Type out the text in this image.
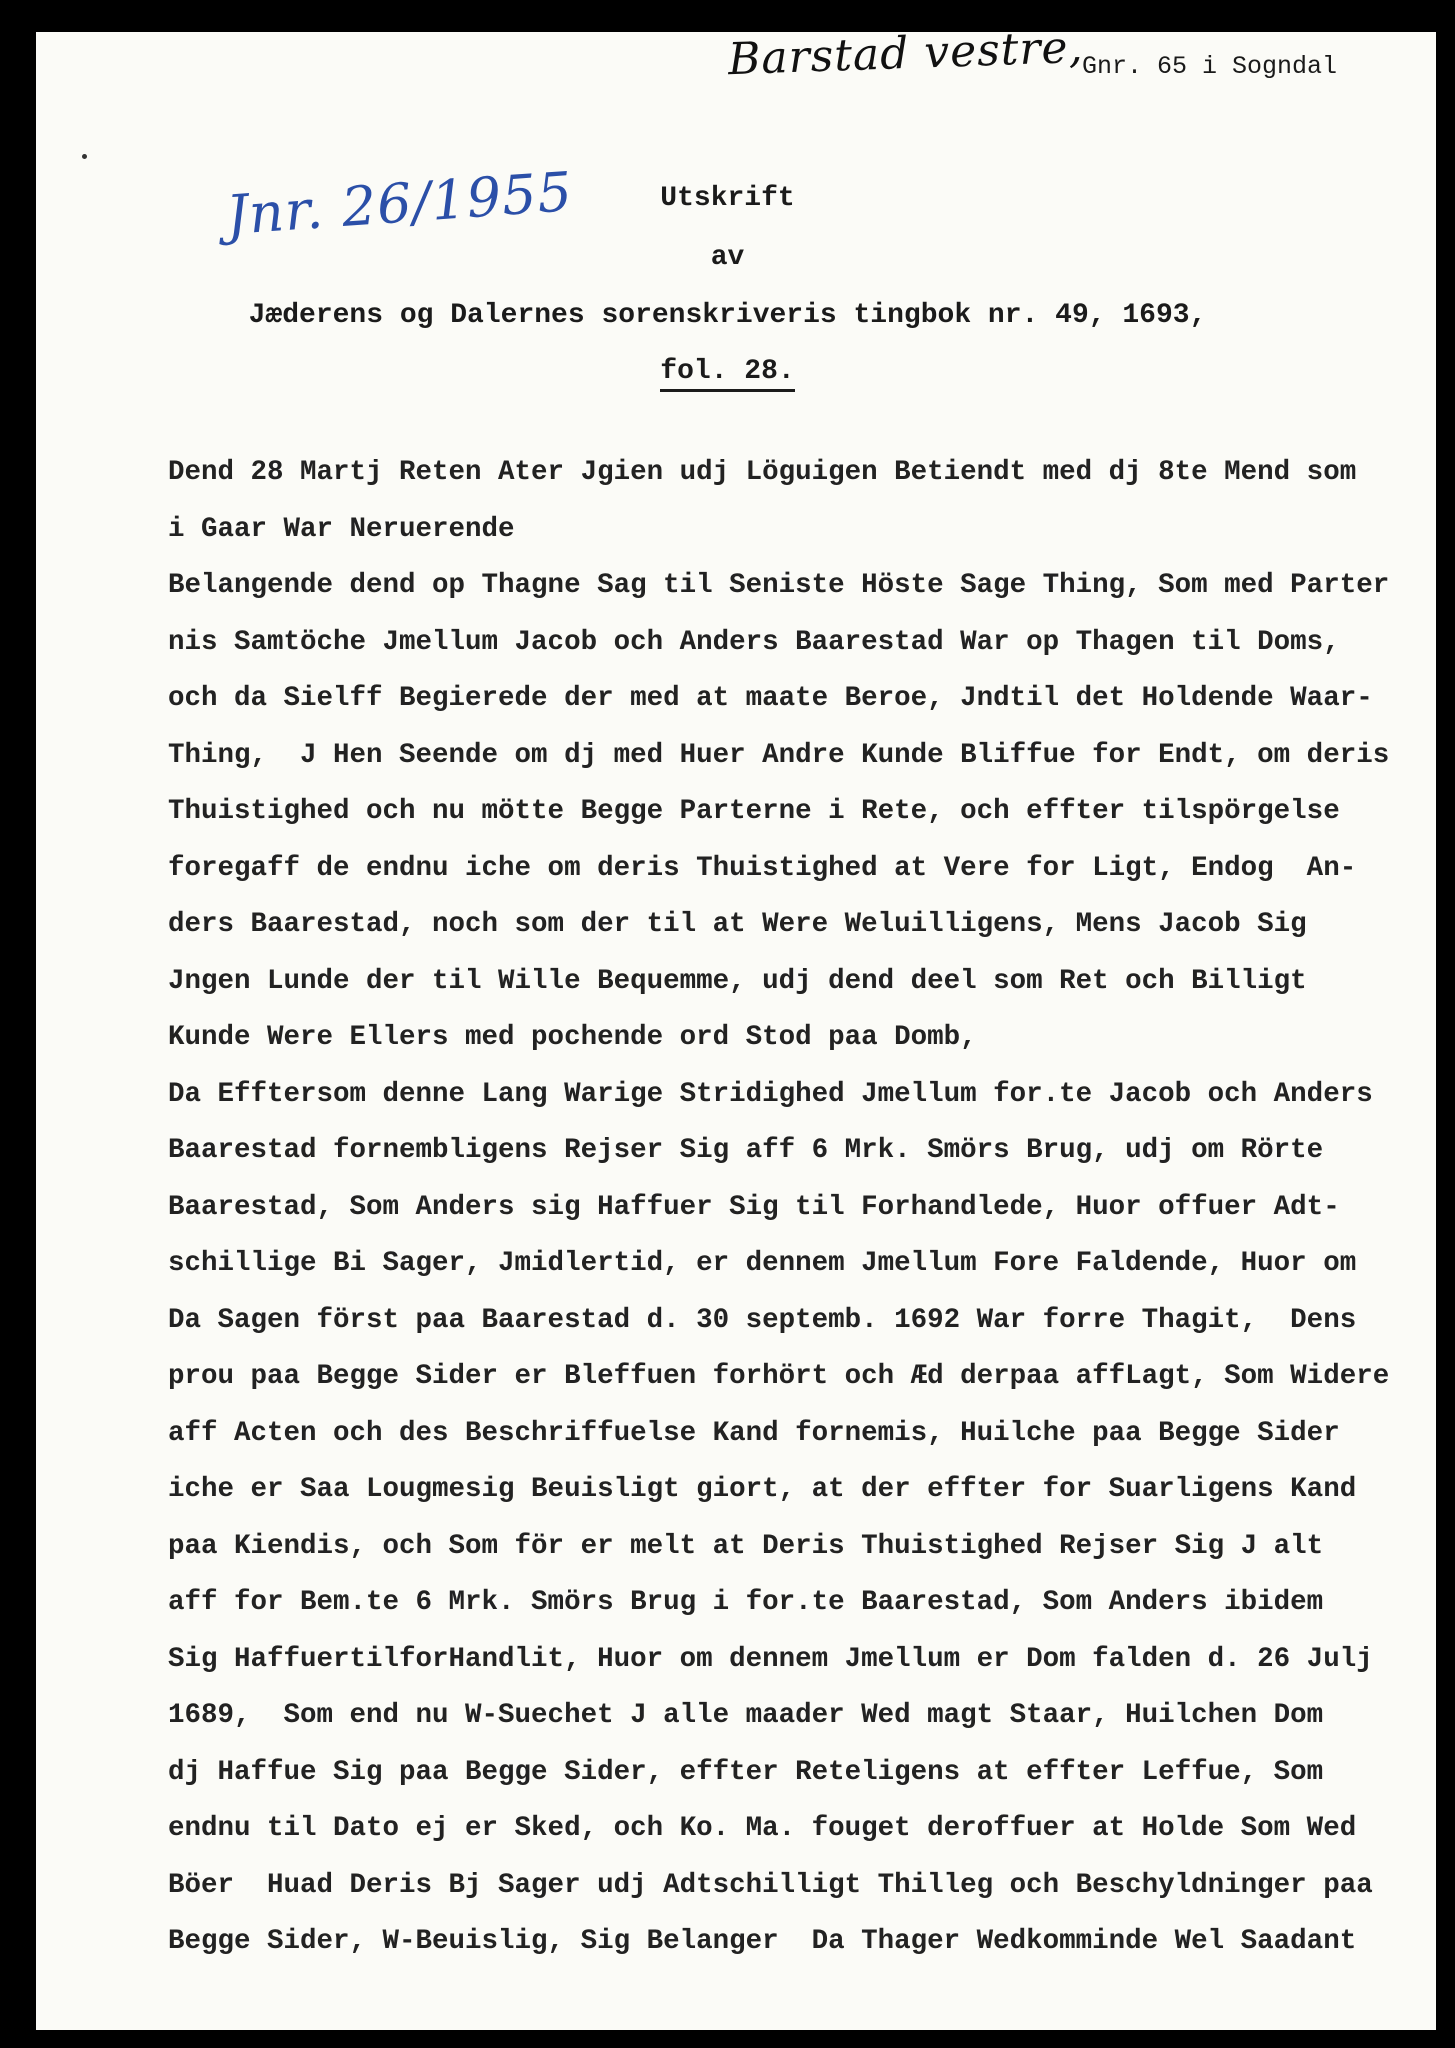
Barstad vestre,
Gnr. 65 i Sogndal
Jnr. 26/1955	Utskrift
av
Jæderens og Dalernes sorenskriveris tingbok nr. 49, 1693,
fol. 28.
Dend 28 Martj Reten Ater Jgien udj Löguigen Betiendt med dj 8te Mend som
i Gaar War Neruerende
Belangende dend op Thagne Sag til Seniste Höste Sage Thing, Som med Parter
nis Samtöche Jmellum Jacob och Anders Baarestad War op Thagen til Doms,
och da Sielff Begierede der med at maate Beroe, Jndtil det Holdende Waar-
Thing,  J Hen Seende om dj med Huer Andre Kunde Bliffue for Endt, om deris
Thuistighed och nu mötte Begge Parterne i Rete, och effter tilspörgelse
foregaff de endnu iche om deris Thuistighed at Vere for Ligt, Endog  An-
ders Baarestad, noch som der til at Were Weluilligens, Mens Jacob Sig
Jngen Lunde der til Wille Bequemme, udj dend deel som Ret och Billigt
Kunde Were Ellers med pochende ord Stod paa Domb,
Da Efftersom denne Lang Warige Stridighed Jmellum for.te Jacob och Anders
Baarestad fornembligens Rejser Sig aff 6 Mrk. Smörs Brug, udj om Rörte
Baarestad, Som Anders sig Haffuer Sig til Forhandlede, Huor offuer Adt-
schillige Bi Sager, Jmidlertid, er dennem Jmellum Fore Faldende, Huor om
Da Sagen först paa Baarestad d. 30 septemb. 1692 War forre Thagit,  Dens
prou paa Begge Sider er Bleffuen forhört och Æd derpaa affLagt, Som Widere
aff Acten och des Beschriffuelse Kand fornemis, Huilche paa Begge Sider
iche er Saa Lougmesig Beuisligt giort, at der effter for Suarligens Kand
paa Kiendis, och Som för er melt at Deris Thuistighed Rejser Sig J alt
aff for Bem.te 6 Mrk. Smörs Brug i for.te Baarestad, Som Anders ibidem
Sig HaffuertilforHandlit, Huor om dennem Jmellum er Dom falden d. 26 Julj
1689,  Som end nu W-Suechet J alle maader Wed magt Staar, Huilchen Dom
dj Haffue Sig paa Begge Sider, effter Reteligens at effter Leffue, Som
endnu til Dato ej er Sked, och Ko. Ma. fouget deroffuer at Holde Som Wed
Böer  Huad Deris Bj Sager udj Adtschilligt Thilleg och Beschyldninger paa
Begge Sider, W-Beuislig, Sig Belanger  Da Thager Wedkomminde Wel Saadant
